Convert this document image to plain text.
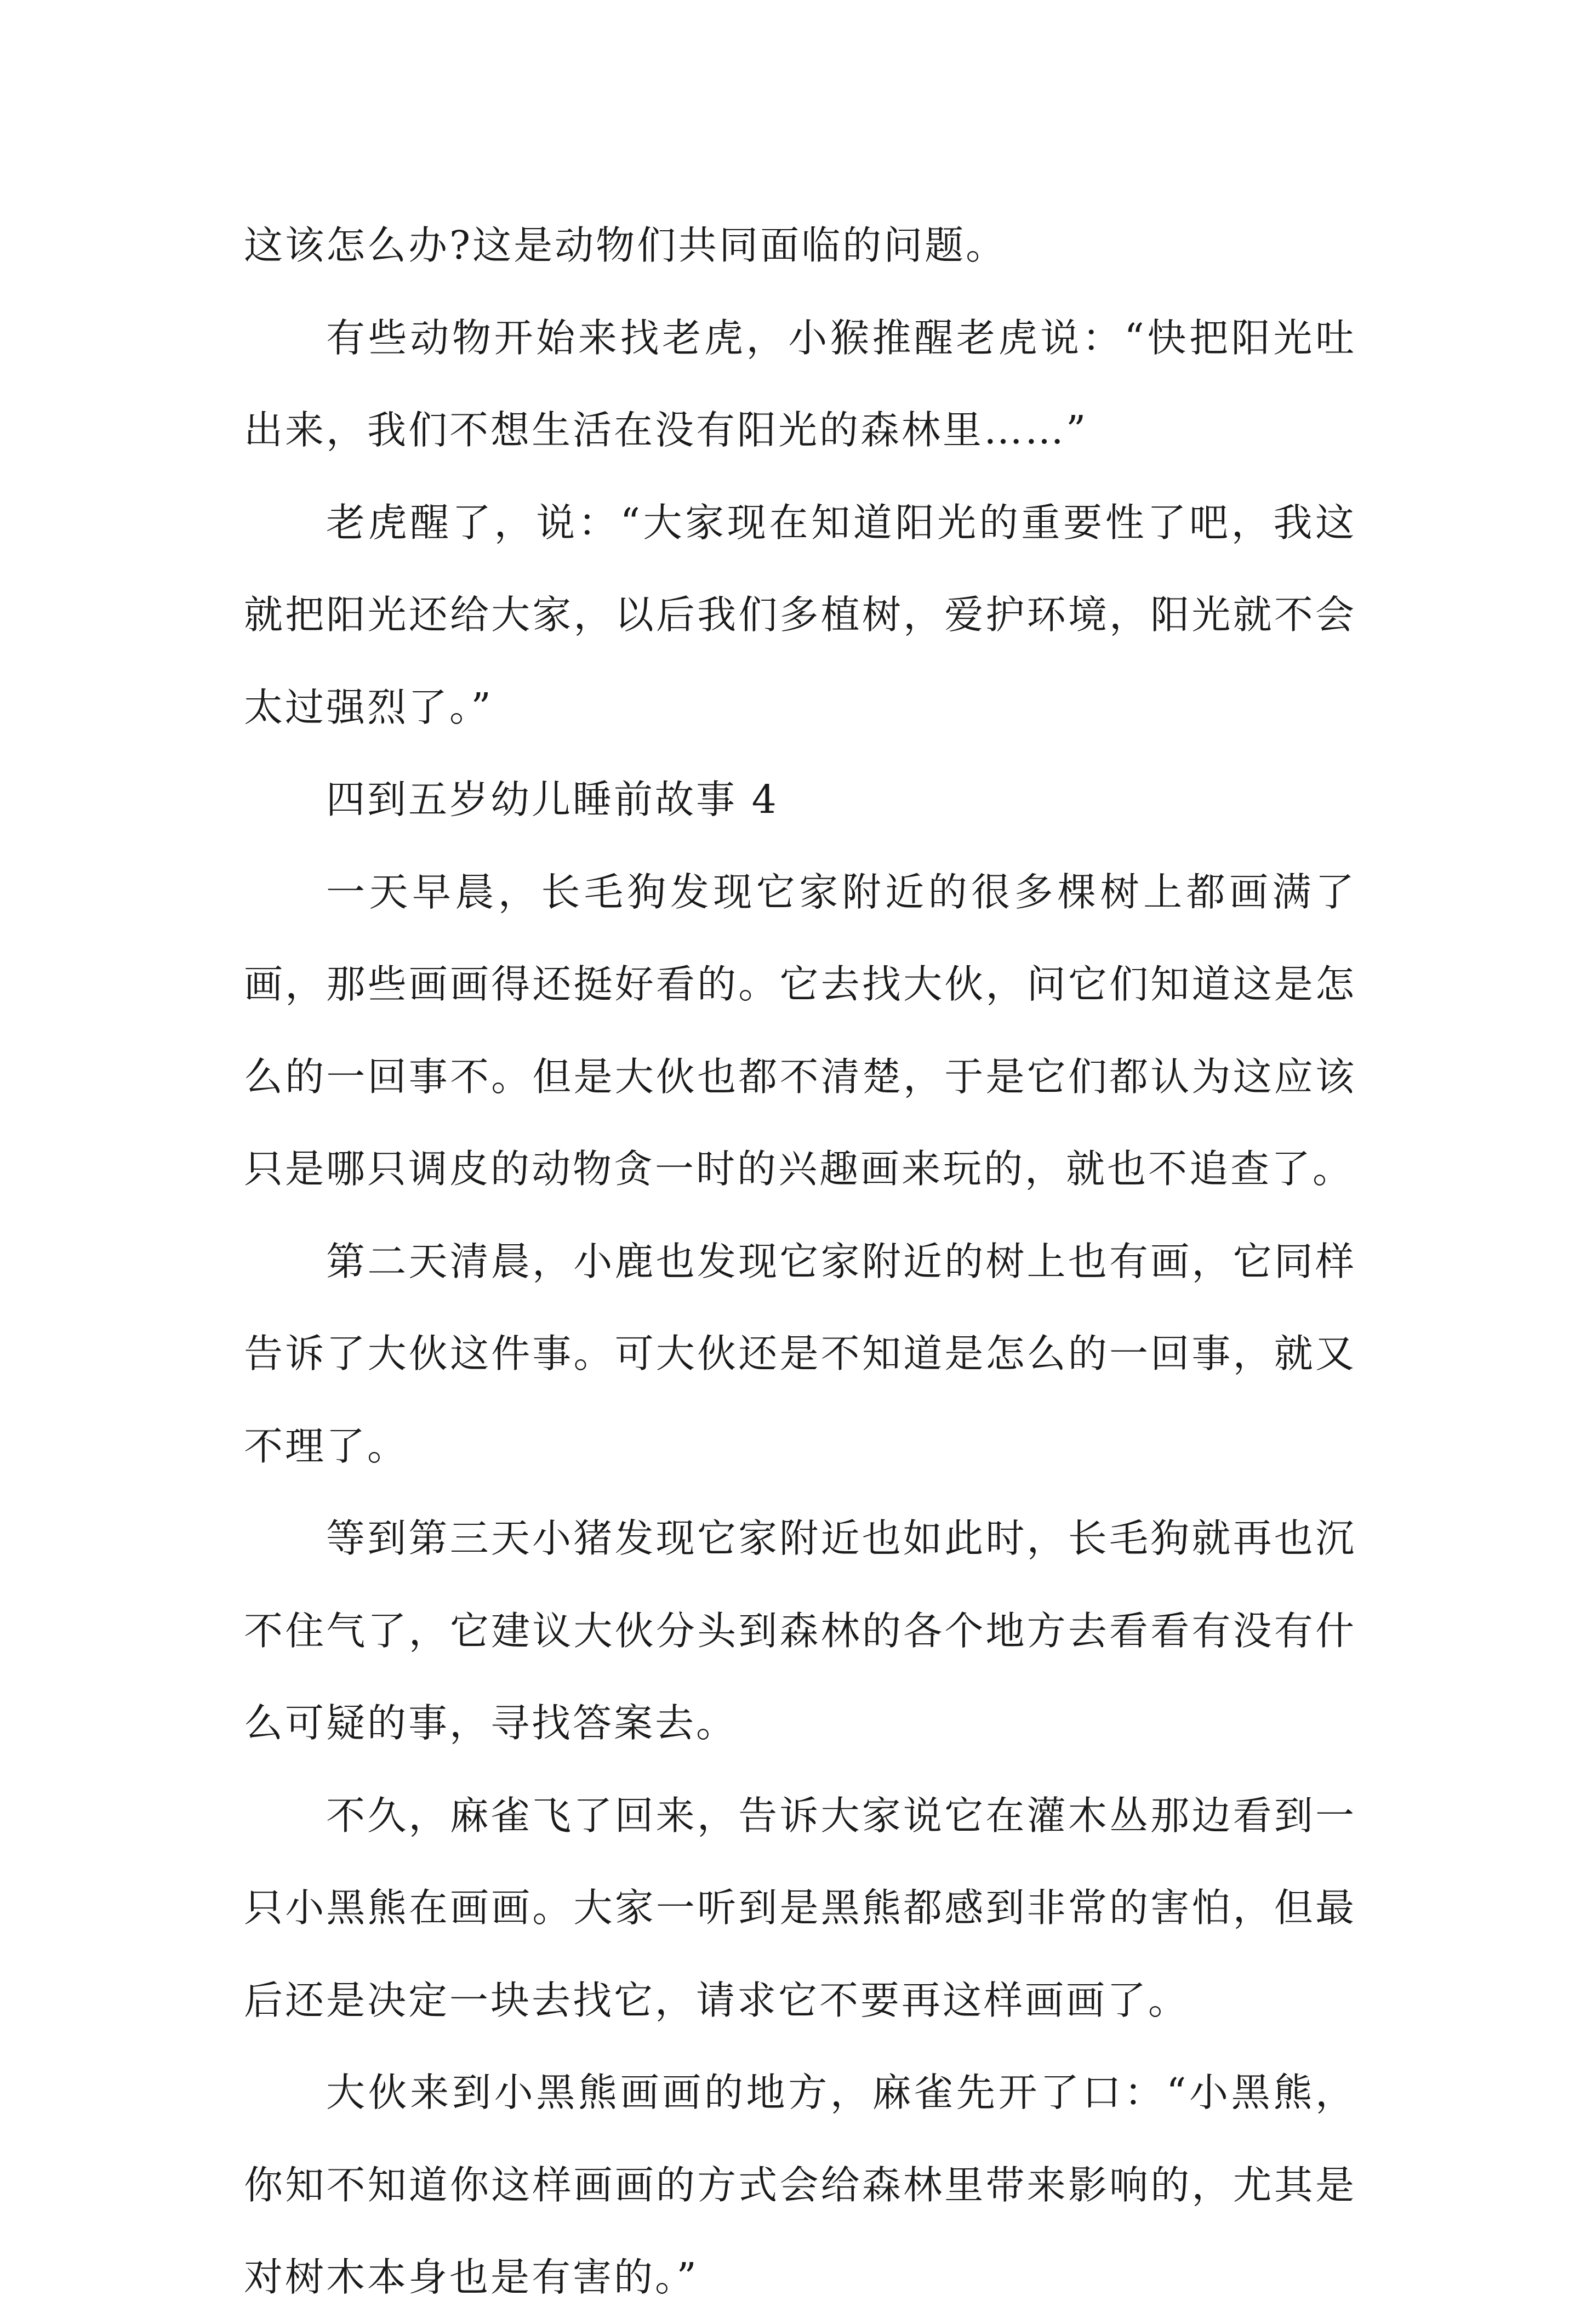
这该怎么办?这是动物们共同面临的问题。

有些动物开始来找老虎，小猴推醒老虎说：“快把阳光吐出来，我们不想生活在没有阳光的森林里……”

老虎醒了，说：“大家现在知道阳光的重要性了吧，我这就把阳光还给大家，以后我们多植树，爱护环境，阳光就不会太过强烈了。”

四到五岁幼儿睡前故事 4

一天早晨，长毛狗发现它家附近的很多棵树上都画满了画，那些画画得还挺好看的。它去找大伙，问它们知道这是怎么的一回事不。但是大伙也都不清楚，于是它们都认为这应该只是哪只调皮的动物贪一时的兴趣画来玩的，就也不追查了。

第二天清晨，小鹿也发现它家附近的树上也有画，它同样告诉了大伙这件事。可大伙还是不知道是怎么的一回事，就又不理了。

等到第三天小猪发现它家附近也如此时，长毛狗就再也沉不住气了，它建议大伙分头到森林的各个地方去看看有没有什么可疑的事，寻找答案去。

不久，麻雀飞了回来，告诉大家说它在灌木丛那边看到一只小黑熊在画画。大家一听到是黑熊都感到非常的害怕，但最后还是决定一块去找它，请求它不要再这样画画了。

大伙来到小黑熊画画的地方，麻雀先开了口：“小黑熊，你知不知道你这样画画的方式会给森林里带来影响的，尤其是对树木本身也是有害的。”
